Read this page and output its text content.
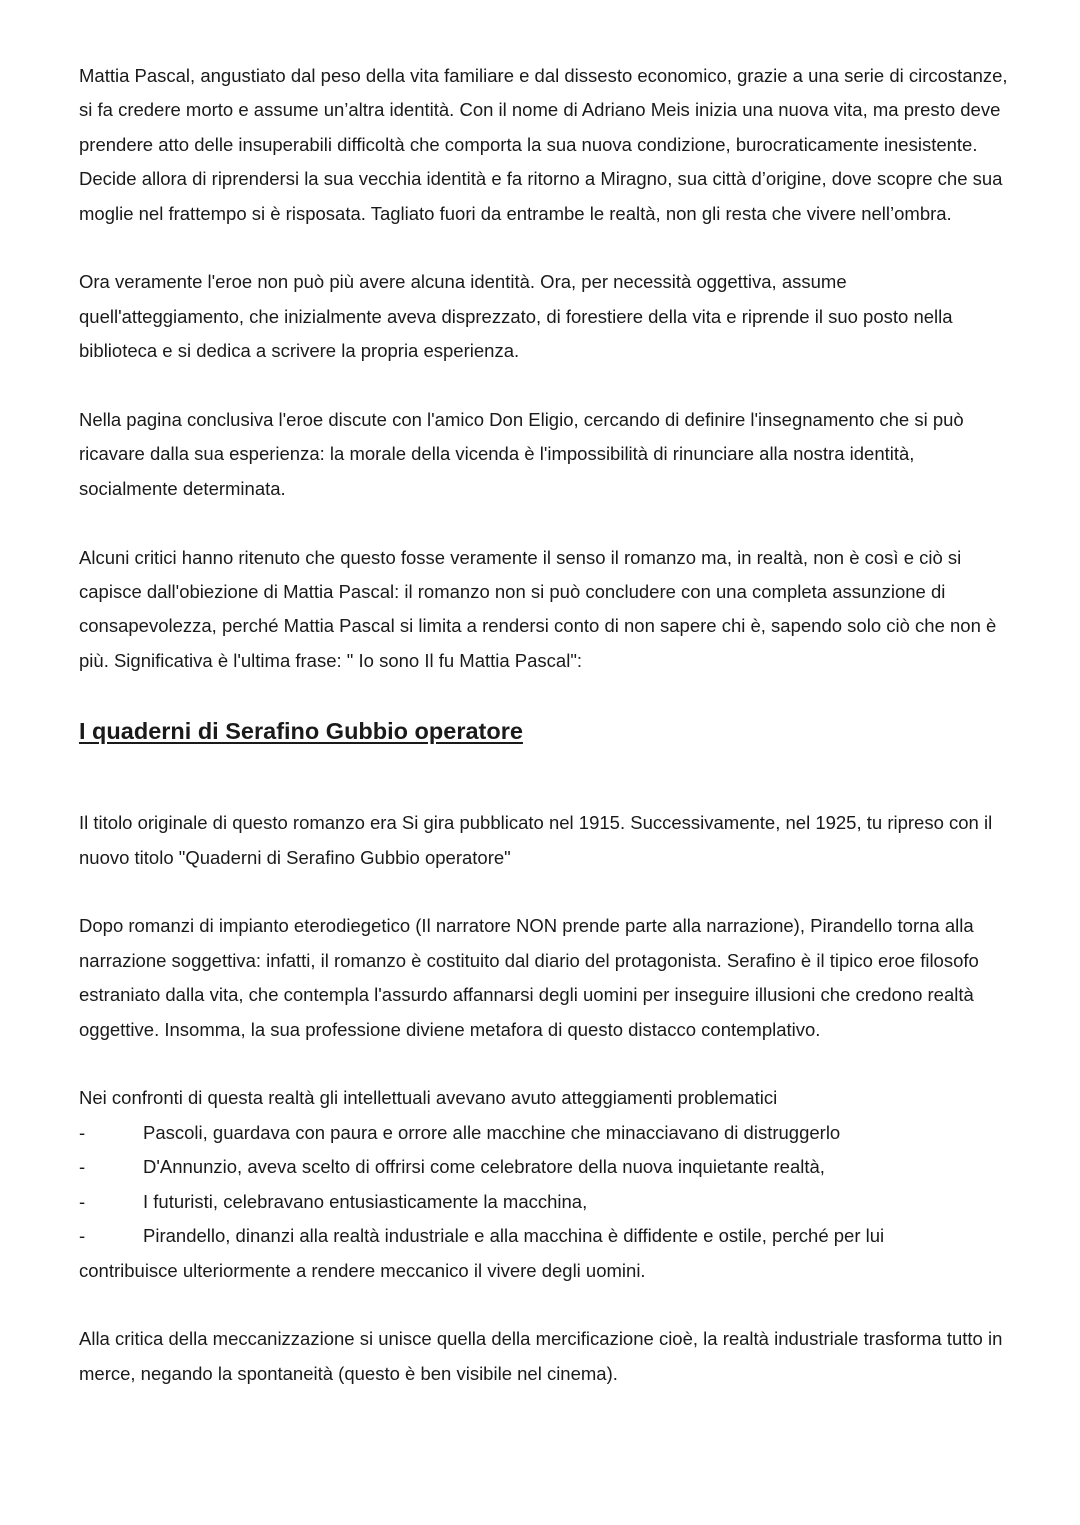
Mattia Pascal, angustiato dal peso della vita familiare e dal dissesto economico, grazie a una serie di circostanze, si fa credere morto e assume un’altra identità. Con il nome di Adriano Meis inizia una nuova vita, ma presto deve prendere atto delle insuperabili difficoltà che comporta la sua nuova condizione, burocraticamente inesistente. Decide allora di riprendersi la sua vecchia identità e fa ritorno a Miragno, sua città d’origine, dove scopre che sua moglie nel frattempo si è risposata. Tagliato fuori da entrambe le realtà, non gli resta che vivere nell’ombra.

Ora veramente l'eroe non può più avere alcuna identità. Ora, per necessità oggettiva, assume quell'atteggiamento, che inizialmente aveva disprezzato, di forestiere della vita e riprende il suo posto nella biblioteca e si dedica a scrivere la propria esperienza.

Nella pagina conclusiva l'eroe discute con l'amico Don Eligio, cercando di definire l'insegnamento che si può ricavare dalla sua esperienza: la morale della vicenda è l'impossibilità di rinunciare alla nostra identità, socialmente determinata.

Alcuni critici hanno ritenuto che questo fosse veramente il senso il romanzo ma, in realtà, non è così e ciò si capisce dall'obiezione di Mattia Pascal: il romanzo non si può concludere con una completa assunzione di consapevolezza, perché Mattia Pascal si limita a rendersi conto di non sapere chi è, sapendo solo ciò che non è più. Significativa è l'ultima frase: " Io sono Il fu Mattia Pascal":

I quaderni di Serafino Gubbio operatore

Il titolo originale di questo romanzo era Si gira pubblicato nel 1915. Successivamente, nel 1925, tu ripreso con il nuovo titolo "Quaderni di Serafino Gubbio operatore"

Dopo romanzi di impianto eterodiegetico (Il narratore NON prende parte alla narrazione), Pirandello torna alla narrazione soggettiva: infatti, il romanzo è costituito dal diario del protagonista. Serafino è il tipico eroe filosofo estraniato dalla vita, che contempla l'assurdo affannarsi degli uomini per inseguire illusioni che credono realtà oggettive. Insomma, la sua professione diviene metafora di questo distacco contemplativo.

Nei confronti di questa realtà gli intellettuali avevano avuto atteggiamenti problematici

-	Pascoli, guardava con paura e orrore alle macchine che minacciavano di distruggerlo
-	D'Annunzio, aveva scelto di offrirsi come celebratore della nuova inquietante realtà,
-	I futuristi, celebravano entusiasticamente la macchina,
-	Pirandello, dinanzi alla realtà industriale e alla macchina è diffidente e ostile, perché per lui

contribuisce ulteriormente a rendere meccanico il vivere degli uomini.

Alla critica della meccanizzazione si unisce quella della mercificazione cioè, la realtà industriale trasforma tutto in merce, negando la spontaneità (questo è ben visibile nel cinema).
